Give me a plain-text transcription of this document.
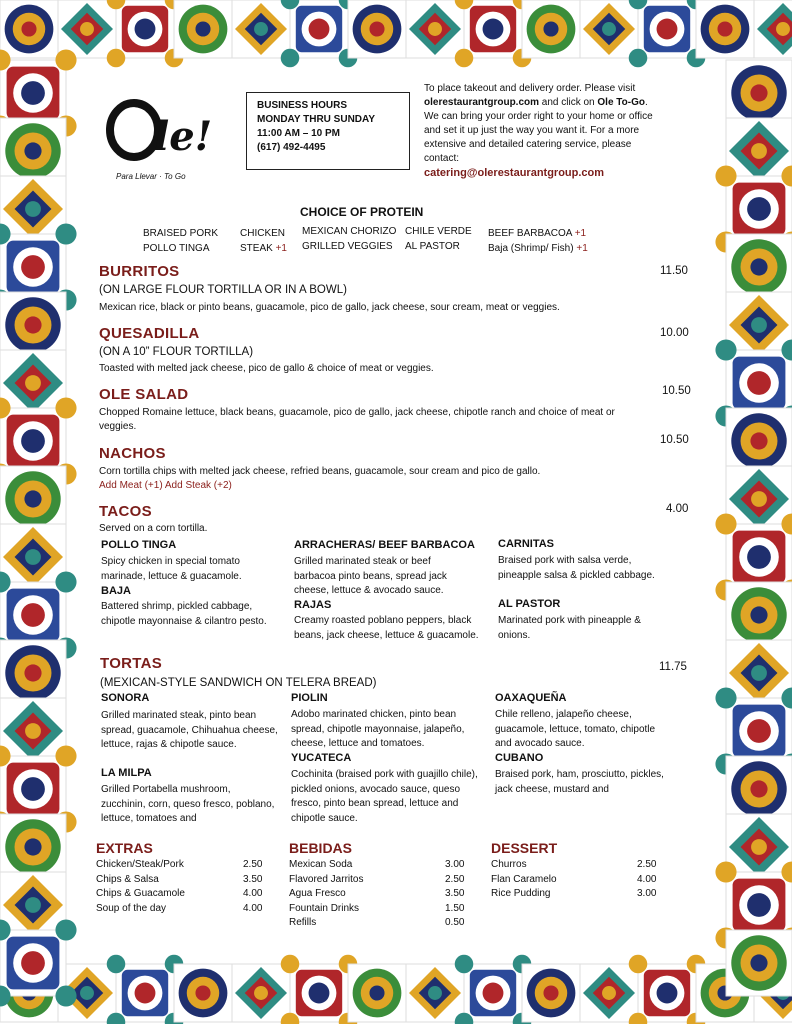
le!
Para Llevar · To Go
BUSINESS HOURS
MONDAY THRU SUNDAY
11:00 AM – 10 PM
(617) 492-4495
To place takeout and delivery order. Please visit olerestaurantgroup.com and click on Ole To-Go. We can bring your order right to your home or office and set it up just the way you want it. For a more extensive and detailed catering service, please contact:
catering@olerestaurantgroup.com
CHOICE OF PROTEIN
BRAISED PORK
POLLO TINGA
CHICKEN
STEAK +1
MEXICAN CHORIZO
GRILLED VEGGIES
CHILE VERDE
AL PASTOR
BEEF BARBACOA +1
Baja (Shrimp/ Fish) +1
BURRITOS	11.50
(ON LARGE FLOUR TORTILLA OR IN A BOWL)
Mexican rice, black or pinto beans, guacamole, pico de gallo, jack cheese, sour cream, meat or veggies.
QUESADILLA	10.00
(ON A 10” FLOUR TORTILLA)
Toasted with melted jack cheese, pico de gallo & choice of meat or veggies.
OLE SALAD	10.50
Chopped Romaine lettuce, black beans, guacamole, pico de gallo, jack cheese, chipotle ranch and choice of meat or veggies.
NACHOS
10.50
Corn tortilla chips with melted jack cheese, refried beans, guacamole, sour cream and pico de gallo.
Add Meat (+1) Add Steak (+2)
TACOS	4.00
Served on a corn tortilla.
POLLO TINGA
Spicy chicken in special tomato marinade, lettuce & guacamole.
BAJA
Battered shrimp, pickled cabbage, chipotle mayonnaise & cilantro pesto.
ARRACHERAS/ BEEF BARBACOA
Grilled marinated steak or beef barbacoa pinto beans, spread jack cheese, lettuce & avocado sauce.
RAJAS
Creamy roasted poblano peppers, black beans, jack cheese, lettuce & guacamole.
CARNITAS
Braised pork with salsa verde, pineapple salsa & pickled cabbage.
AL PASTOR
Marinated pork with pineapple & onions.
TORTAS	11.75
(MEXICAN-STYLE SANDWICH ON TELERA BREAD)
SONORA
Grilled marinated steak, pinto bean spread, guacamole, Chihuahua cheese, lettuce, rajas & chipotle sauce.
LA MILPA
Grilled Portabella mushroom, zucchinin, corn, queso fresco, poblano, lettuce, tomatoes and
PIOLIN
Adobo marinated chicken, pinto bean spread, chipotle mayonnaise, jalapeño, cheese, lettuce and tomatoes.
YUCATECA
Cochinita (braised pork with guajillo chile), pickled onions, avocado sauce, queso fresco, pinto bean spread, lettuce and chipotle sauce.
OAXAQUEÑA
Chile relleno, jalapeño cheese, guacamole, lettuce, tomato, chipotle and avocado sauce.
CUBANO
Braised pork, ham, prosciutto, pickles, jack cheese, mustard and
EXTRAS	BEBIDAS	DESSERT
Chicken/Steak/Pork	2.50
Chips & Salsa	3.50
Chips & Guacamole	4.00
Soup of the day	4.00
Mexican Soda	3.00
Flavored Jarritos	2.50
Agua Fresco	3.50
Fountain Drinks	1.50
Refills	0.50
Churros	2.50
Flan Caramelo	4.00
Rice Pudding	3.00
